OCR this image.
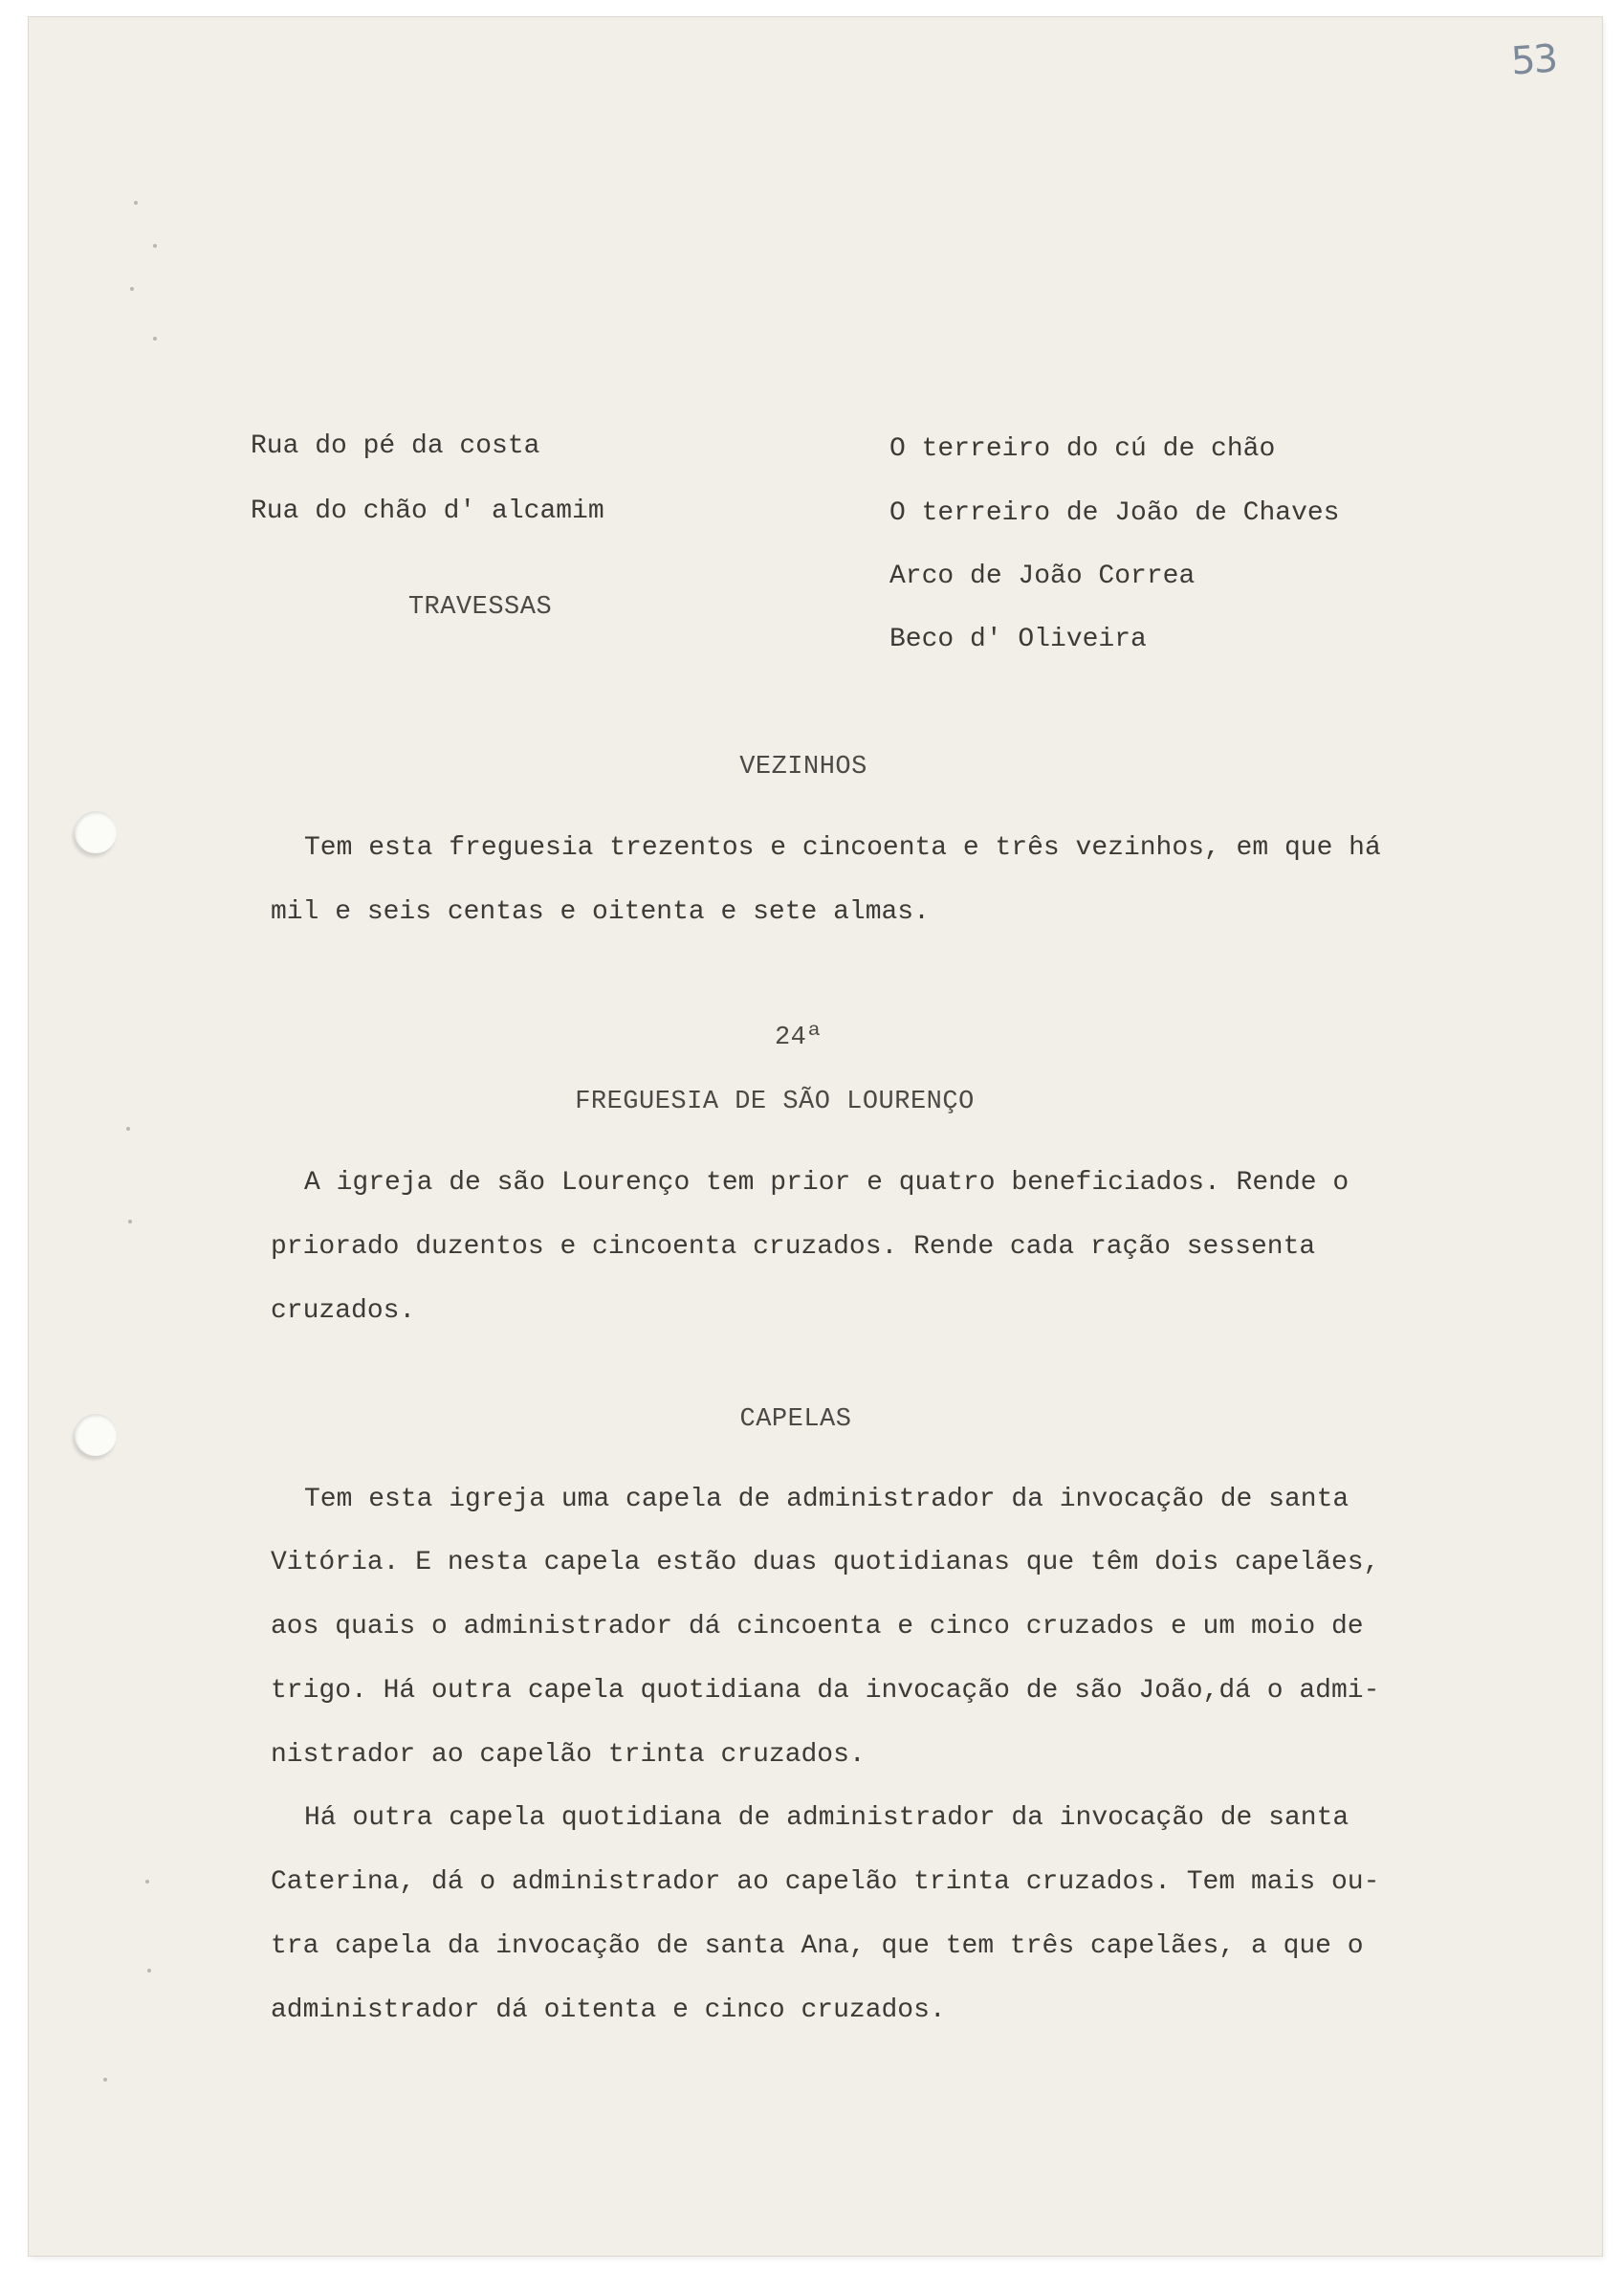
53

Rua do pé da costa

Rua do chão d' alcamim

TRAVESSAS

O terreiro do cú de chão

O terreiro de João de Chaves

Arco de João Correa

Beco d' Oliveira

VEZINHOS

Tem esta freguesia trezentos e cincoenta e três vezinhos, em que há

mil e seis centas e oitenta e sete almas.

24ª

FREGUESIA DE SÃO LOURENÇO

A igreja de são Lourenço tem prior e quatro beneficiados. Rende o

priorado duzentos e cincoenta cruzados. Rende cada ração sessenta

cruzados.

CAPELAS

Tem esta igreja uma capela de administrador da invocação de santa

Vitória. E nesta capela estão duas quotidianas que têm dois capelães,

aos quais o administrador dá cincoenta e cinco cruzados e um moio de

trigo. Há outra capela quotidiana da invocação de são João,dá o admi-

nistrador ao capelão trinta cruzados.

Há outra capela quotidiana de administrador da invocação de santa

Caterina, dá o administrador ao capelão trinta cruzados. Tem mais ou-

tra capela da invocação de santa Ana, que tem três capelães, a que o

administrador dá oitenta e cinco cruzados.
